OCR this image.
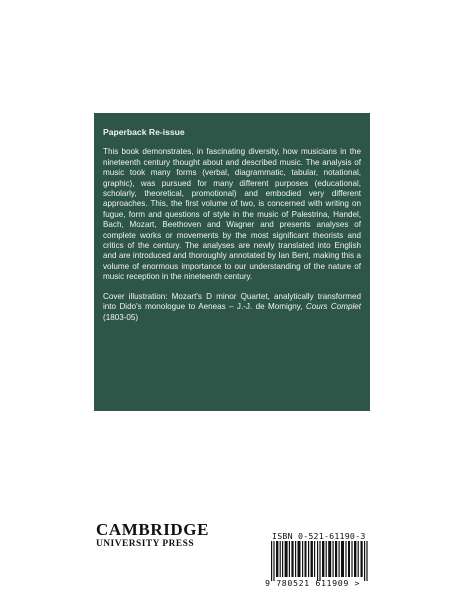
Paperback Re-issue

This book demonstrates, in fascinating diversity, how musicians in the nineteenth century thought about and described music. The analysis of music took many forms (verbal, diagrammatic, tabular, notational, graphic), was pursued for many different purposes (educational, scholarly, theoretical, promotional) and embodied very different approaches. This, the first volume of two, is concerned with writing on fugue, form and questions of style in the music of Palestrina, Handel, Bach, Mozart, Beethoven and Wagner and presents analyses of complete works or movements by the most significant theorists and critics of the century. The analyses are newly translated into English and are introduced and thoroughly annotated by Ian Bent, making this a volume of enormous importance to our understanding of the nature of music reception in the nineteenth century.

Cover illustration: Mozart's D minor Quartet, analytically transformed into Dido's monologue to Aeneas – J.-J. de Momigny, Cours Complet (1803-05)

CAMBRIDGE
UNIVERSITY PRESS
ISBN 0-521-61190-3
9 780521 611909 >
